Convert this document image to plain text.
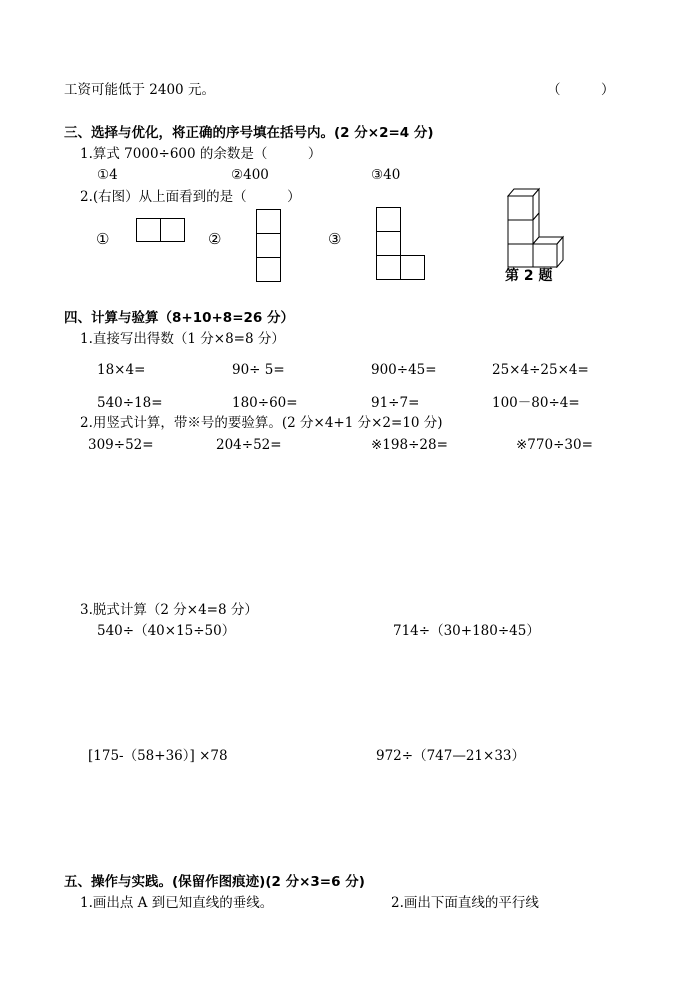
工资可能低于 2400 元。	（　　　）
三、选择与优化，将正确的序号填在括号内。(2 分×2=4 分)
1.算式 7000÷600 的余数是（　　　）
①4	②400	③40
2.(右图）从上面看到的是（　　　）
①	②	③
第 2 题
四、计算与验算（8+10+8=26 分）
1.直接写出得数（1 分×8=8 分）
18×4=	90÷ 5=	900÷45=	25×4÷25×4=
540÷18=	180÷60=	91÷7=	100－80÷4=
2.用竖式计算，带※号的要验算。(2 分×4+1 分×2=10 分)
309÷52=	204÷52=	※198÷28=	※770÷30=
3.脱式计算（2 分×4=8 分）
540÷（40×15÷50）	714÷（30+180÷45）
[175-（58+36）] ×78	972÷（747—21×33）
五、操作与实践。(保留作图痕迹)(2 分×3=6 分)
1.画出点 A 到已知直线的垂线。	2.画出下面直线的平行线
